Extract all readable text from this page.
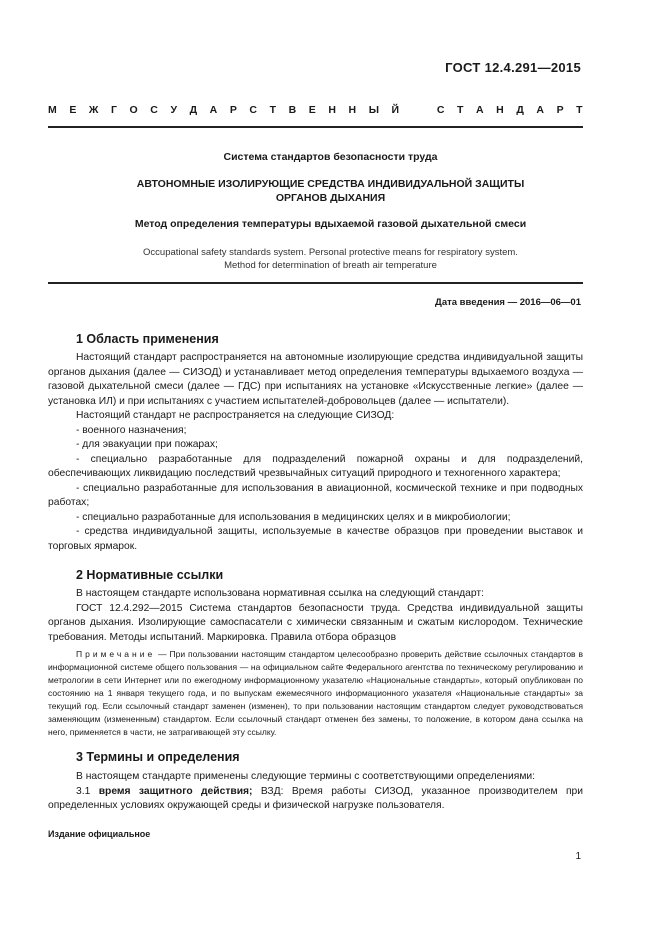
ГОСТ 12.4.291—2015
М Е Ж Г О С У Д А Р С Т В Е Н Н Ы Й	С Т А Н Д А Р Т
Система стандартов безопасности труда
АВТОНОМНЫЕ ИЗОЛИРУЮЩИЕ СРЕДСТВА ИНДИВИДУАЛЬНОЙ ЗАЩИТЫ
ОРГАНОВ ДЫХАНИЯ
Метод определения температуры вдыхаемой газовой дыхательной смеси
Occupational safety standards system. Personal protective means for respiratory system.
Method for determination of breath air temperature
Дата введения — 2016—06—01
1 Область применения

Настоящий стандарт распространяется на автономные изолирующие средства индивидуальной защиты органов дыхания (далее — СИЗОД) и устанавливает метод определения температуры вдыхаемого воздуха — газовой дыхательной смеси (далее — ГДС) при испытаниях на установке «Искусственные легкие» (далее — установка ИЛ) и при испытаниях с участием испытателей-добровольцев (далее — испытатели).

Настоящий стандарт не распространяется на следующие СИЗОД:

- военного назначения;
- для эвакуации при пожарах;
- специально разработанные для подразделений пожарной охраны и для подразделений, обеспечивающих ликвидацию последствий чрезвычайных ситуаций природного и техногенного характера;
- специально разработанные для использования в авиационной, космической технике и при подводных работах;
- специально разработанные для использования в медицинских целях и в микробиологии;
- средства индивидуальной защиты, используемые в качестве образцов при проведении выставок и торговых ярмарок.
2 Нормативные ссылки

В настоящем стандарте использована нормативная ссылка на следующий стандарт:

ГОСТ 12.4.292—2015 Система стандартов безопасности труда. Средства индивидуальной защиты органов дыхания. Изолирующие самоспасатели с химически связанным и сжатым кислородом. Технические требования. Методы испытаний. Маркировка. Правила отбора образцов

Примечание — При пользовании настоящим стандартом целесообразно проверить действие ссылочных стандартов в информационной системе общего пользования — на официальном сайте Федерального агентства по техническому регулированию и метрологии в сети Интернет или по ежегодному информационному указателю «Национальные стандарты», который опубликован по состоянию на 1 января текущего года, и по выпускам ежемесячного информационного указателя «Национальные стандарты» за текущий год. Если ссылочный стандарт заменен (изменен), то при пользовании настоящим стандартом следует руководствоваться заменяющим (измененным) стандартом. Если ссылочный стандарт отменен без замены, то положение, в котором дана ссылка на него, применяется в части, не затрагивающей эту ссылку.

3 Термины и определения

В настоящем стандарте применены следующие термины с соответствующими определениями:

3.1 время защитного действия; ВЗД: Время работы СИЗОД, указанное производителем при определенных условиях окружающей среды и физической нагрузке пользователя.

Издание официальное
1
